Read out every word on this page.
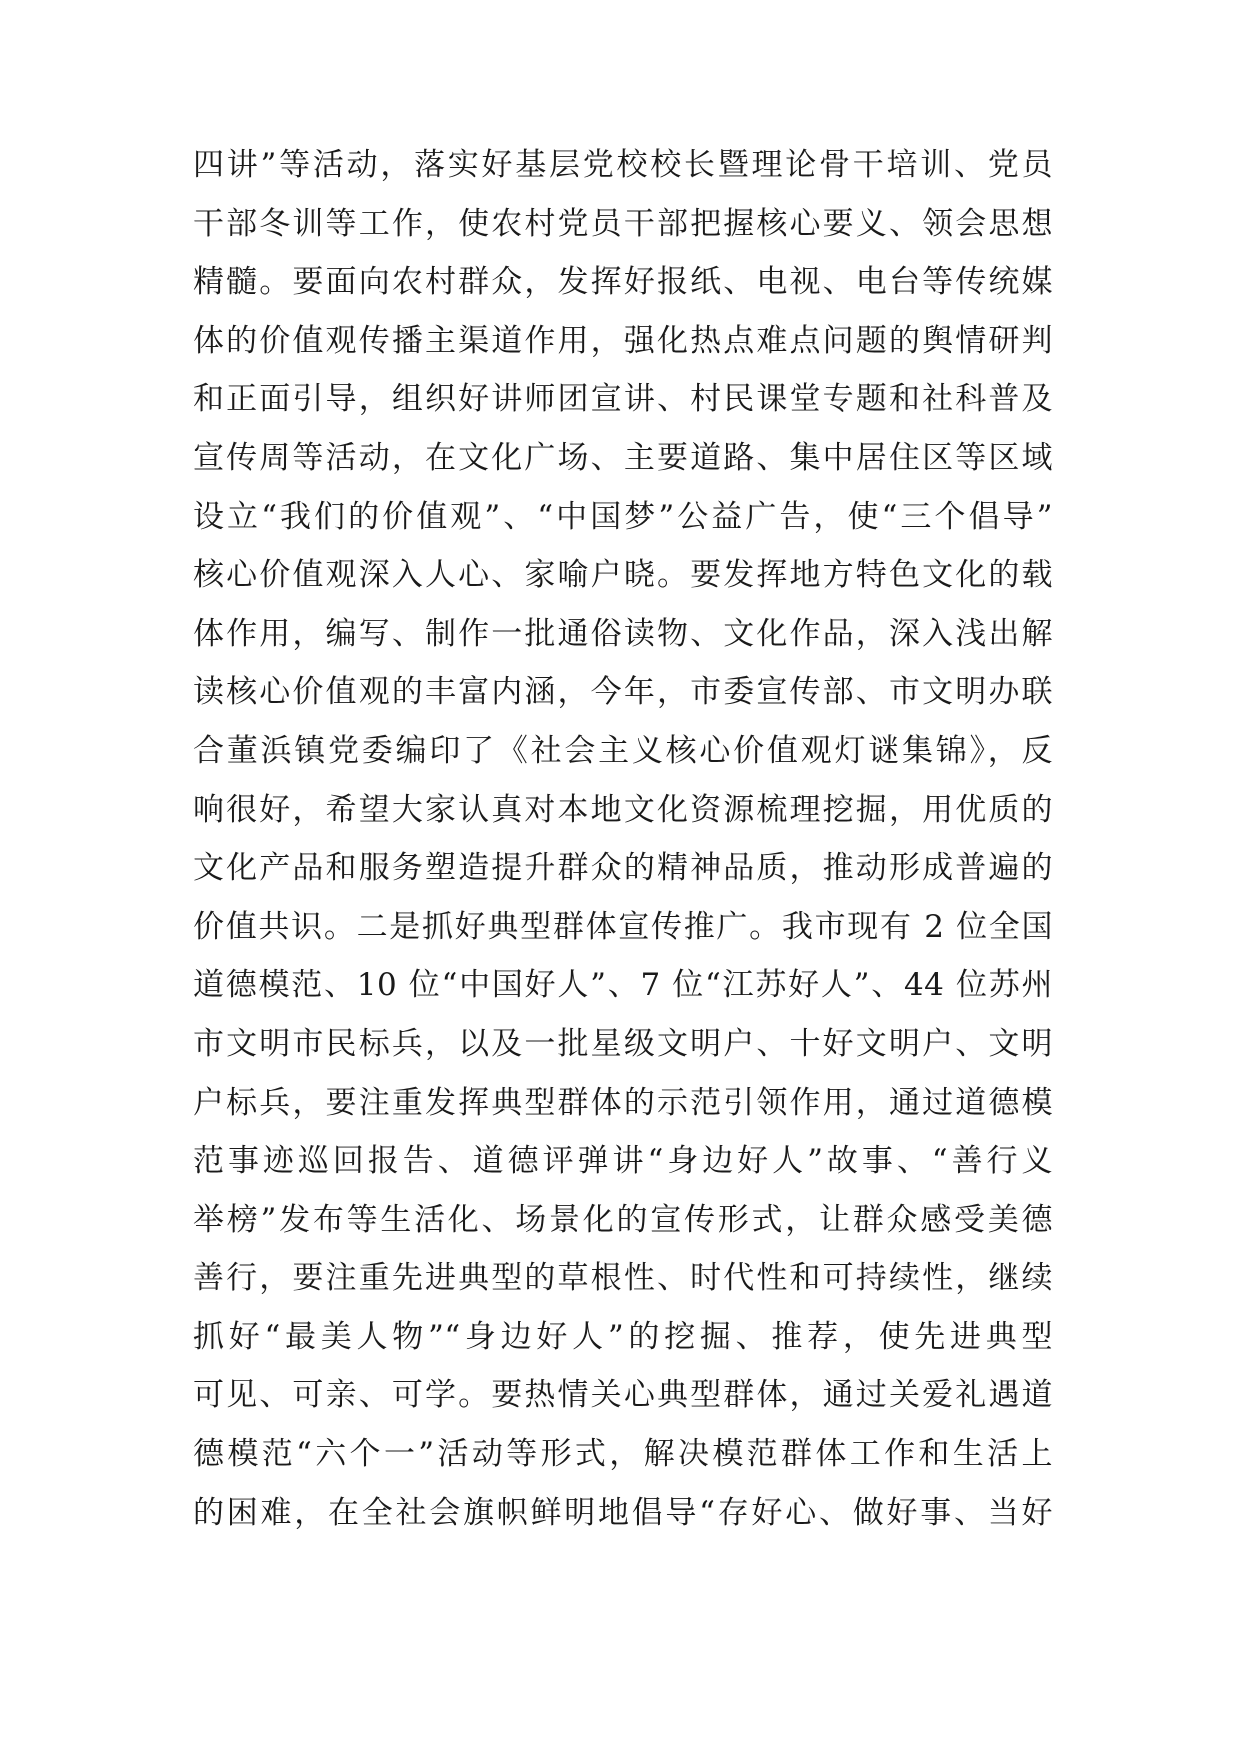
四讲”等活动，落实好基层党校校长暨理论骨干培训、党员
干部冬训等工作，使农村党员干部把握核心要义、领会思想
精髓。要面向农村群众，发挥好报纸、电视、电台等传统媒
体的价值观传播主渠道作用，强化热点难点问题的舆情研判
和正面引导，组织好讲师团宣讲、村民课堂专题和社科普及
宣传周等活动，在文化广场、主要道路、集中居住区等区域
设立“我们的价值观”、“中国梦”公益广告，使“三个倡导”
核心价值观深入人心、家喻户晓。要发挥地方特色文化的载
体作用，编写、制作一批通俗读物、文化作品，深入浅出解
读核心价值观的丰富内涵，今年，市委宣传部、市文明办联
合董浜镇党委编印了《社会主义核心价值观灯谜集锦》，反
响很好，希望大家认真对本地文化资源梳理挖掘，用优质的
文化产品和服务塑造提升群众的精神品质，推动形成普遍的
价值共识。二是抓好典型群体宣传推广。我市现有 2 位全国
道德模范、10 位“中国好人”、7 位“江苏好人”、44 位苏州
市文明市民标兵，以及一批星级文明户、十好文明户、文明
户标兵，要注重发挥典型群体的示范引领作用，通过道德模
范事迹巡回报告、道德评弹讲“身边好人”故事、“善行义
举榜”发布等生活化、场景化的宣传形式，让群众感受美德
善行，要注重先进典型的草根性、时代性和可持续性，继续
抓好“最美人物”“身边好人”的挖掘、推荐，使先进典型
可见、可亲、可学。要热情关心典型群体，通过关爱礼遇道
德模范“六个一”活动等形式，解决模范群体工作和生活上
的困难，在全社会旗帜鲜明地倡导“存好心、做好事、当好
